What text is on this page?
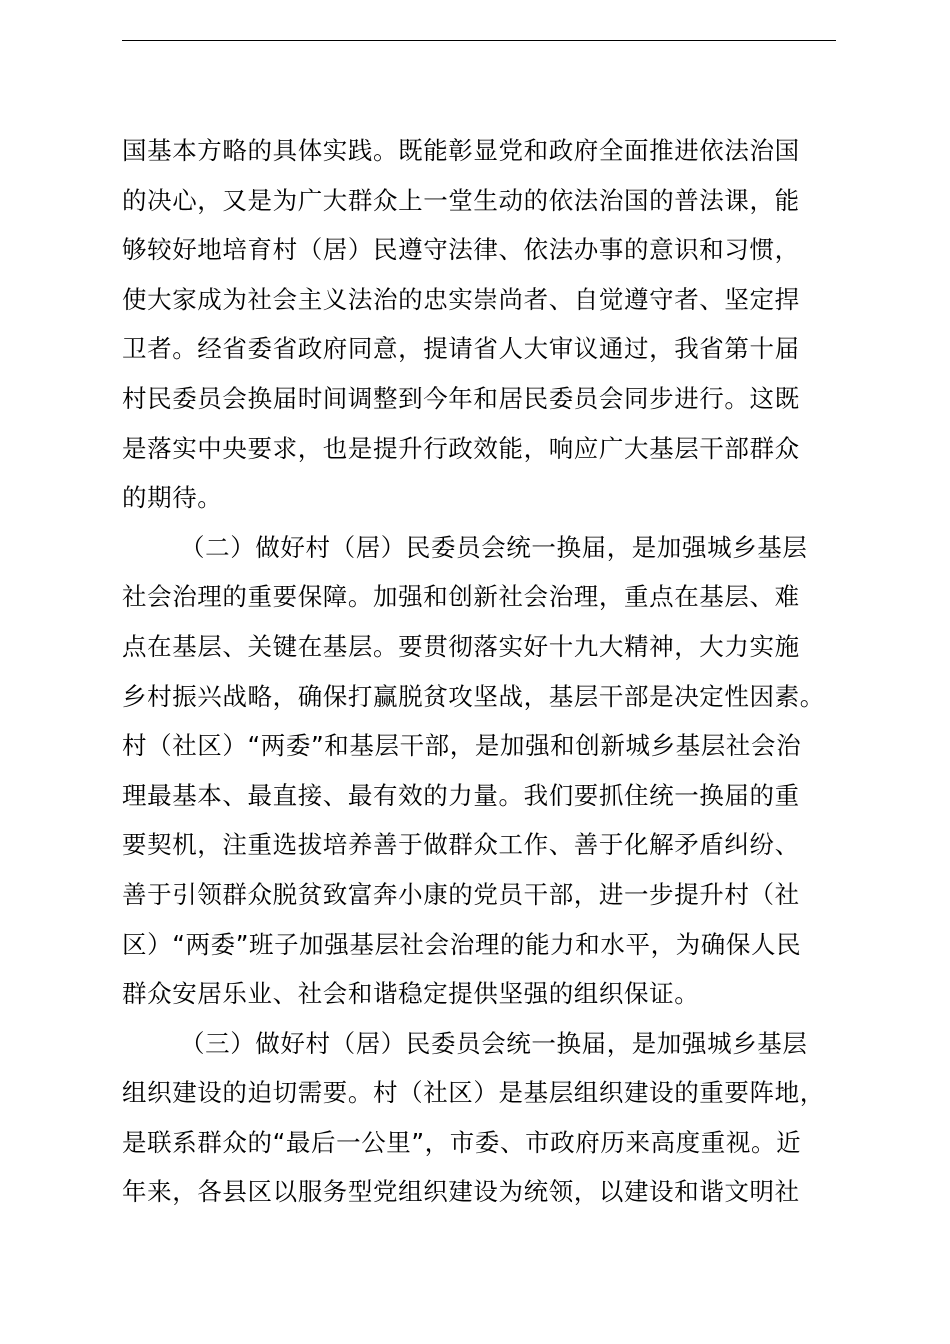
国基本方略的具体实践。既能彰显党和政府全面推进依法治国
的决心，又是为广大群众上一堂生动的依法治国的普法课，能
够较好地培育村（居）民遵守法律、依法办事的意识和习惯，
使大家成为社会主义法治的忠实崇尚者、自觉遵守者、坚定捍
卫者。经省委省政府同意，提请省人大审议通过，我省第十届
村民委员会换届时间调整到今年和居民委员会同步进行。这既
是落实中央要求，也是提升行政效能，响应广大基层干部群众
的期待。
（二）做好村（居）民委员会统一换届，是加强城乡基层
社会治理的重要保障。加强和创新社会治理，重点在基层、难
点在基层、关键在基层。要贯彻落实好十九大精神，大力实施
乡村振兴战略，确保打赢脱贫攻坚战，基层干部是决定性因素。
村（社区）“两委”和基层干部，是加强和创新城乡基层社会治
理最基本、最直接、最有效的力量。我们要抓住统一换届的重
要契机，注重选拔培养善于做群众工作、善于化解矛盾纠纷、
善于引领群众脱贫致富奔小康的党员干部，进一步提升村（社
区）“两委”班子加强基层社会治理的能力和水平，为确保人民
群众安居乐业、社会和谐稳定提供坚强的组织保证。
（三）做好村（居）民委员会统一换届，是加强城乡基层
组织建设的迫切需要。村（社区）是基层组织建设的重要阵地，
是联系群众的“最后一公里”，市委、市政府历来高度重视。近
年来，各县区以服务型党组织建设为统领，以建设和谐文明社
